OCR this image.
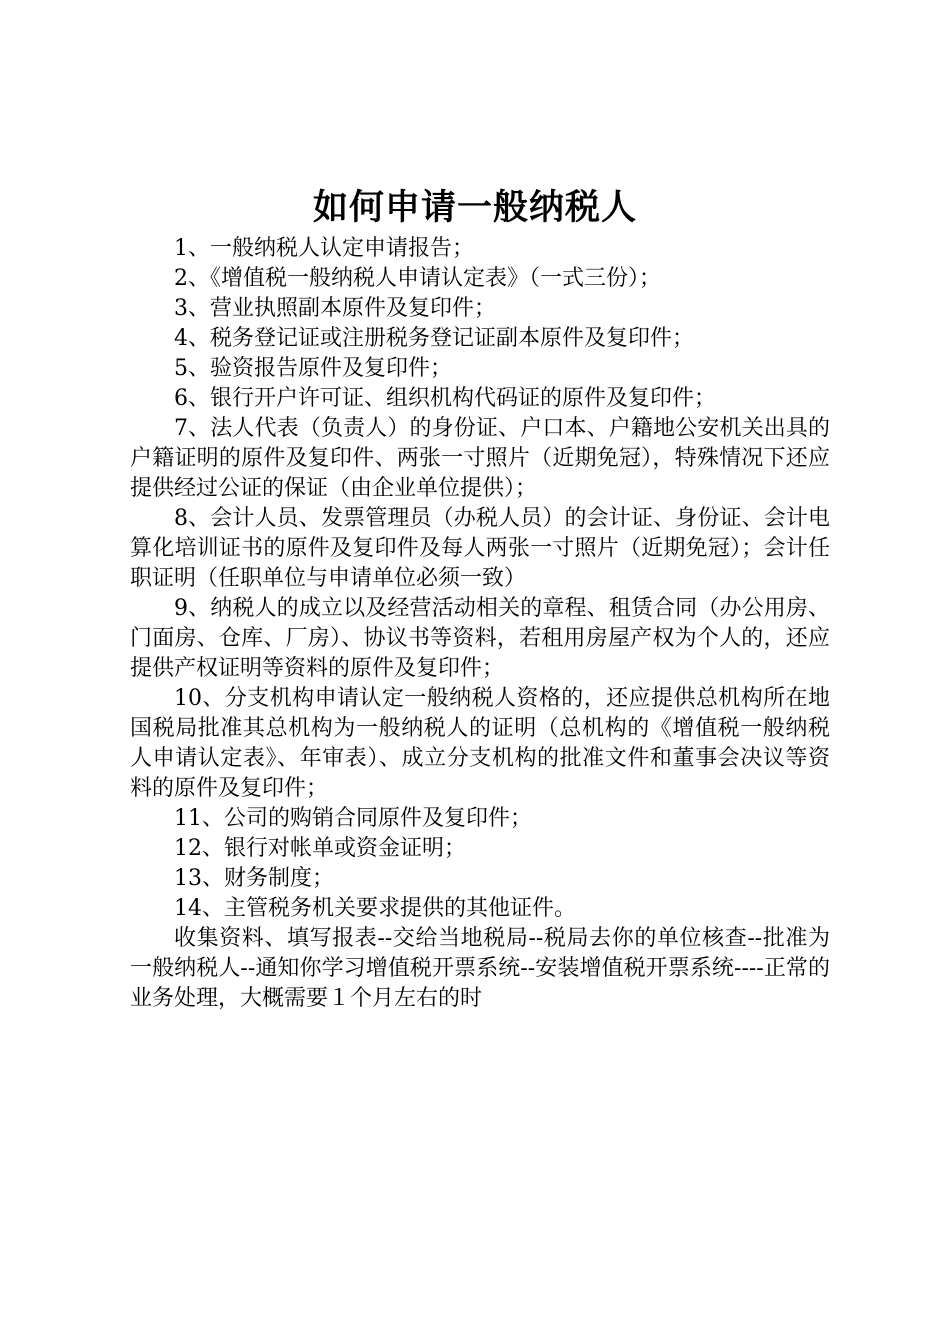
如何申请一般纳税人

1、一般纳税人认定申请报告；

2、《增值税一般纳税人申请认定表》（一式三份）；

3、营业执照副本原件及复印件；

4、税务登记证或注册税务登记证副本原件及复印件；

5、验资报告原件及复印件；

6、银行开户许可证、组织机构代码证的原件及复印件；

7、法人代表（负责人）的身份证、户口本、户籍地公安机关出具的户籍证明的原件及复印件、两张一寸照片（近期免冠），特殊情况下还应提供经过公证的保证（由企业单位提供）；

8、会计人员、发票管理员（办税人员）的会计证、身份证、会计电算化培训证书的原件及复印件及每人两张一寸照片（近期免冠）；会计任职证明（任职单位与申请单位必须一致）

9、纳税人的成立以及经营活动相关的章程、租赁合同（办公用房、门面房、仓库、厂房）、协议书等资料，若租用房屋产权为个人的，还应提供产权证明等资料的原件及复印件；

10、分支机构申请认定一般纳税人资格的，还应提供总机构所在地国税局批准其总机构为一般纳税人的证明（总机构的《增值税一般纳税人申请认定表》、年审表）、成立分支机构的批准文件和董事会决议等资料的原件及复印件；

11、公司的购销合同原件及复印件；

12、银行对帐单或资金证明；

13、财务制度；

14、主管税务机关要求提供的其他证件。

收集资料、填写报表--交给当地税局--税局去你的单位核查--批准为一般纳税人--通知你学习增值税开票系统--安装增值税开票系统----正常的业务处理，大概需要１个月左右的时
